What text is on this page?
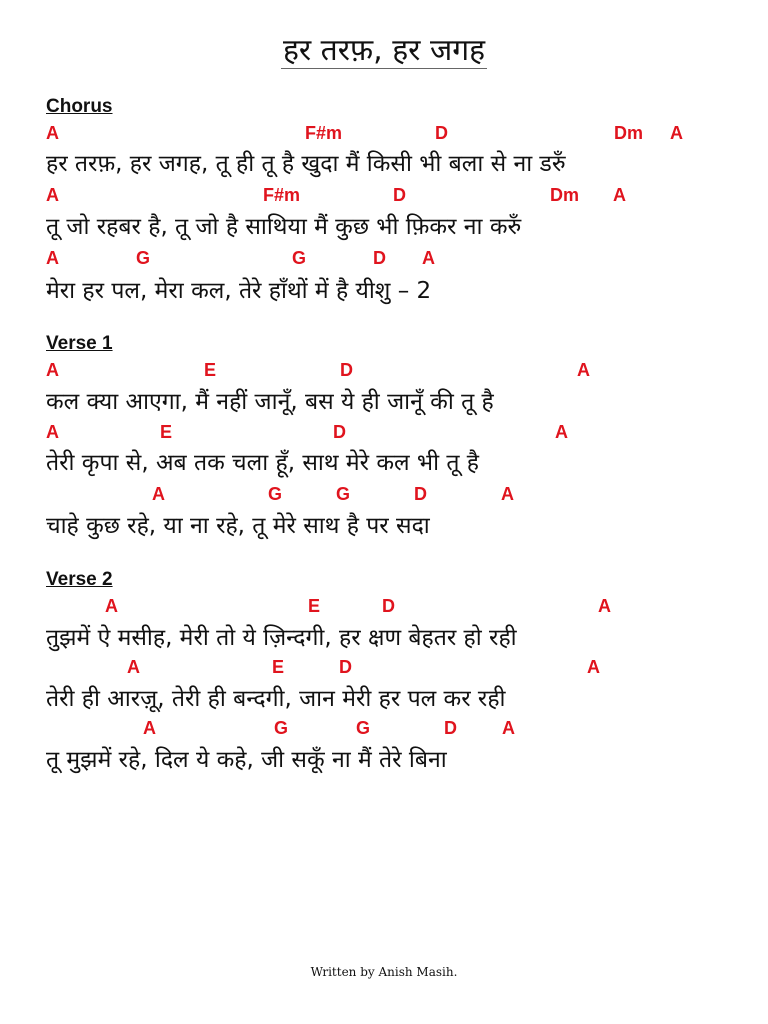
हर तरफ़, हर जगह
Chorus
A	F#m	D	Dm A
हर तरफ़, हर जगह, तू ही तू है खुदा मैं किसी भी बला से ना डरुँ
A	F#m	D	Dm A
तू जो रहबर है, तू जो है साथिया मैं कुछ भी फ़िकर ना करुँ
A	G	G	D A
मेरा हर पल, मेरा कल, तेरे हाँथों में है यीशु – 2
Verse 1
A	E	D	A
कल क्या आएगा, मैं नहीं जानूँ, बस ये ही जानूँ की तू है
A	E	D	A
तेरी कृपा से, अब तक चला हूँ, साथ मेरे कल भी तू है
A	G	G	D	A
चाहे कुछ रहे, या ना रहे, तू मेरे साथ है पर सदा
Verse 2
A	E	D	A
तुझमें ऐ मसीह, मेरी तो ये ज़िन्दगी, हर क्षण बेहतर हो रही
A	E	D	A
तेरी ही आरज़ू, तेरी ही बन्दगी, जान मेरी हर पल कर रही
A	G	G	D	A
तू मुझमें रहे, दिल ये कहे, जी सकूँ ना मैं तेरे बिना
Written by Anish Masih.
